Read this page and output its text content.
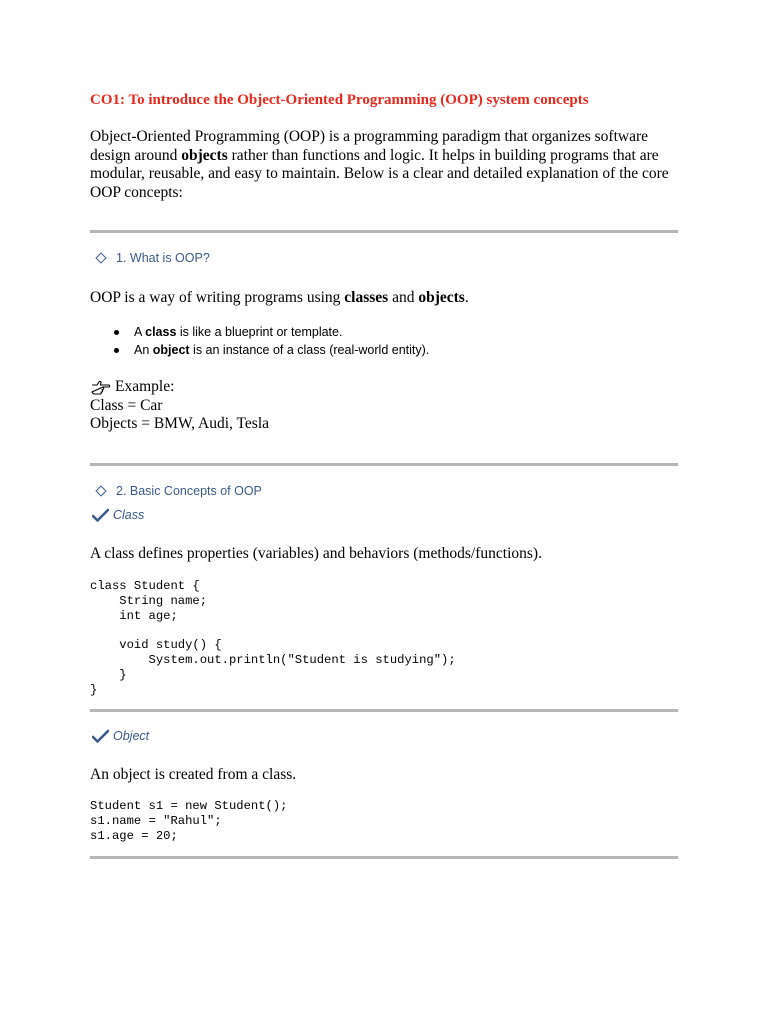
CO1: To introduce the Object-Oriented Programming (OOP) system concepts
Object-Oriented Programming (OOP) is a programming paradigm that organizes software design around objects rather than functions and logic. It helps in building programs that are modular, reusable, and easy to maintain. Below is a clear and detailed explanation of the core OOP concepts:
1. What is OOP?
OOP is a way of writing programs using classes and objects.
A class is like a blueprint or template.
An object is an instance of a class (real-world entity).
Example:
Class = Car
Objects = BMW, Audi, Tesla
2. Basic Concepts of OOP
Class
A class defines properties (variables) and behaviors (methods/functions).
class Student {
String name;
int age;

void study() {
System.out.println("Student is studying");
}
}
Object
An object is created from a class.
Student s1 = new Student();
s1.name = "Rahul";
s1.age = 20;
